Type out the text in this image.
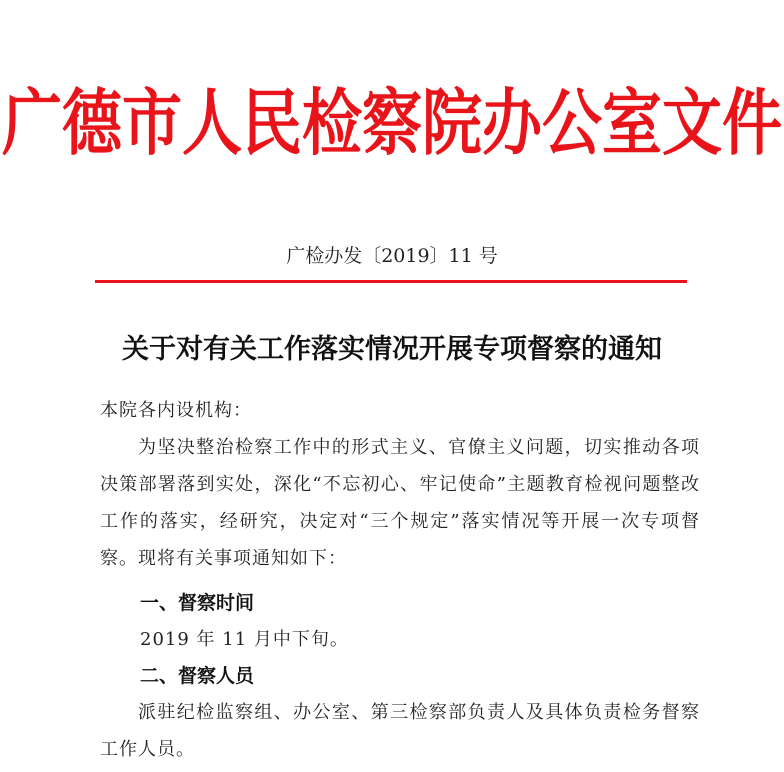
广德市人民检察院办公室文件
广检办发〔2019〕11 号
关于对有关工作落实情况开展专项督察的通知

本院各内设机构：

为坚决整治检察工作中的形式主义、官僚主义问题，切实推动各项决策部署落到实处，深化“不忘初心、牢记使命”主题教育检视问题整改工作的落实，经研究，决定对“三个规定”落实情况等开展一次专项督察。现将有关事项通知如下：

一、督察时间
2019 年 11 月中下旬。
二、督察人员

派驻纪检监察组、办公室、第三检察部负责人及具体负责检务督察工作人员。
